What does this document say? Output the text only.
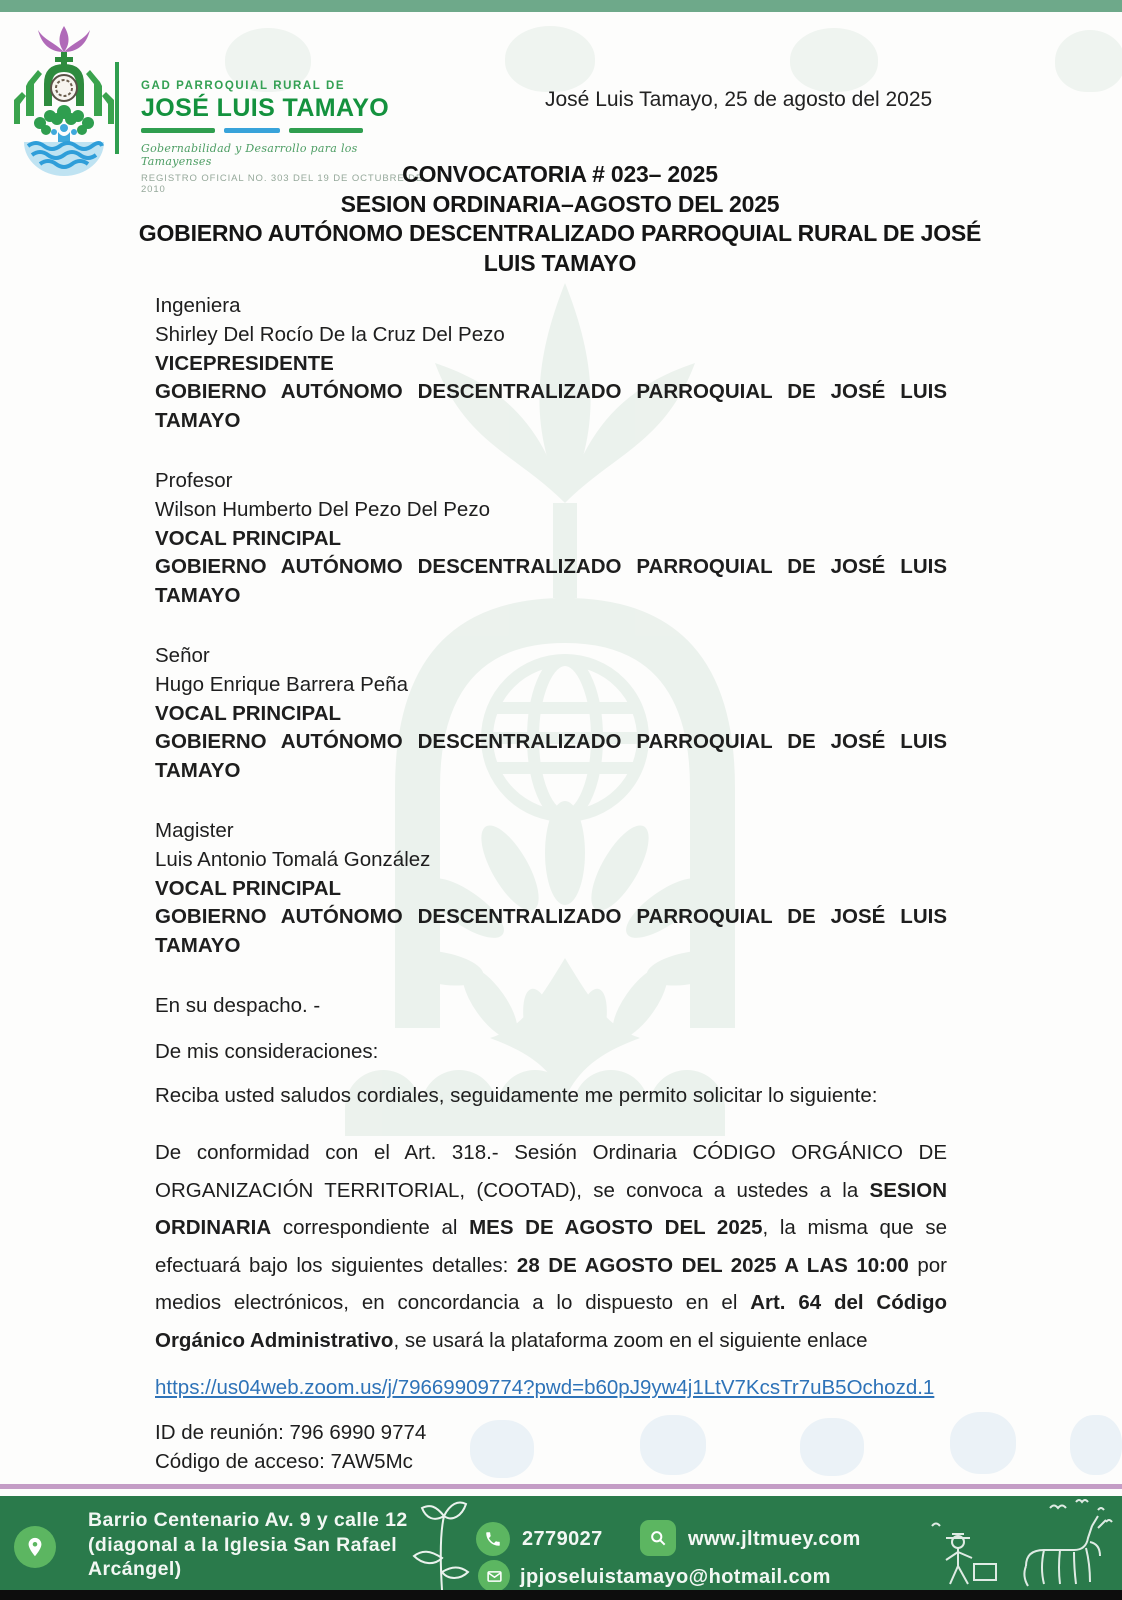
GAD PARROQUIAL RURAL DE
JOSÉ LUIS TAMAYO
Gobernabilidad y Desarrollo para los Tamayenses
REGISTRO OFICIAL NO. 303 DEL 19 DE OCTUBRE DE 2010
José Luis Tamayo, 25 de agosto del 2025
CONVOCATORIA # 023– 2025
SESION ORDINARIA–AGOSTO DEL 2025
GOBIERNO AUTÓNOMO DESCENTRALIZADO PARROQUIAL RURAL DE JOSÉ LUIS TAMAYO
Ingeniera
Shirley Del Rocío De la Cruz Del Pezo
VICEPRESIDENTE
GOBIERNO AUTÓNOMO DESCENTRALIZADO PARROQUIAL DE JOSÉ LUIS TAMAYO
Profesor
Wilson Humberto Del Pezo Del Pezo
VOCAL PRINCIPAL
GOBIERNO AUTÓNOMO DESCENTRALIZADO PARROQUIAL DE JOSÉ LUIS TAMAYO
Señor
Hugo Enrique Barrera Peña
VOCAL PRINCIPAL
GOBIERNO AUTÓNOMO DESCENTRALIZADO PARROQUIAL DE JOSÉ LUIS TAMAYO
Magister
Luis Antonio Tomalá González
VOCAL PRINCIPAL
GOBIERNO AUTÓNOMO DESCENTRALIZADO PARROQUIAL DE JOSÉ LUIS TAMAYO

En su despacho. -

De mis consideraciones:

Reciba usted saludos cordiales, seguidamente me permito solicitar lo siguiente:

De conformidad con el Art. 318.- Sesión Ordinaria CÓDIGO ORGÁNICO DE ORGANIZACIÓN TERRITORIAL, (COOTAD), se convoca a ustedes a la SESION ORDINARIA correspondiente al MES DE AGOSTO DEL 2025, la misma que se efectuará bajo los siguientes detalles: 28 DE AGOSTO DEL 2025 A LAS 10:00 por medios electrónicos, en concordancia a lo dispuesto en el Art. 64 del Código Orgánico Administrativo, se usará la plataforma zoom en el siguiente enlace

https://us04web.zoom.us/j/79669909774?pwd=b60pJ9yw4j1LtV7KcsTr7uB5Ochozd.1

ID de reunión: 796 6990 9774
Código de acceso: 7AW5Mc

Barrio Centenario Av. 9 y calle 12
(diagonal a la Iglesia San Rafael
Arcángel)
2779027	www.jltmuey.com
jpjoseluistamayo@hotmail.com
